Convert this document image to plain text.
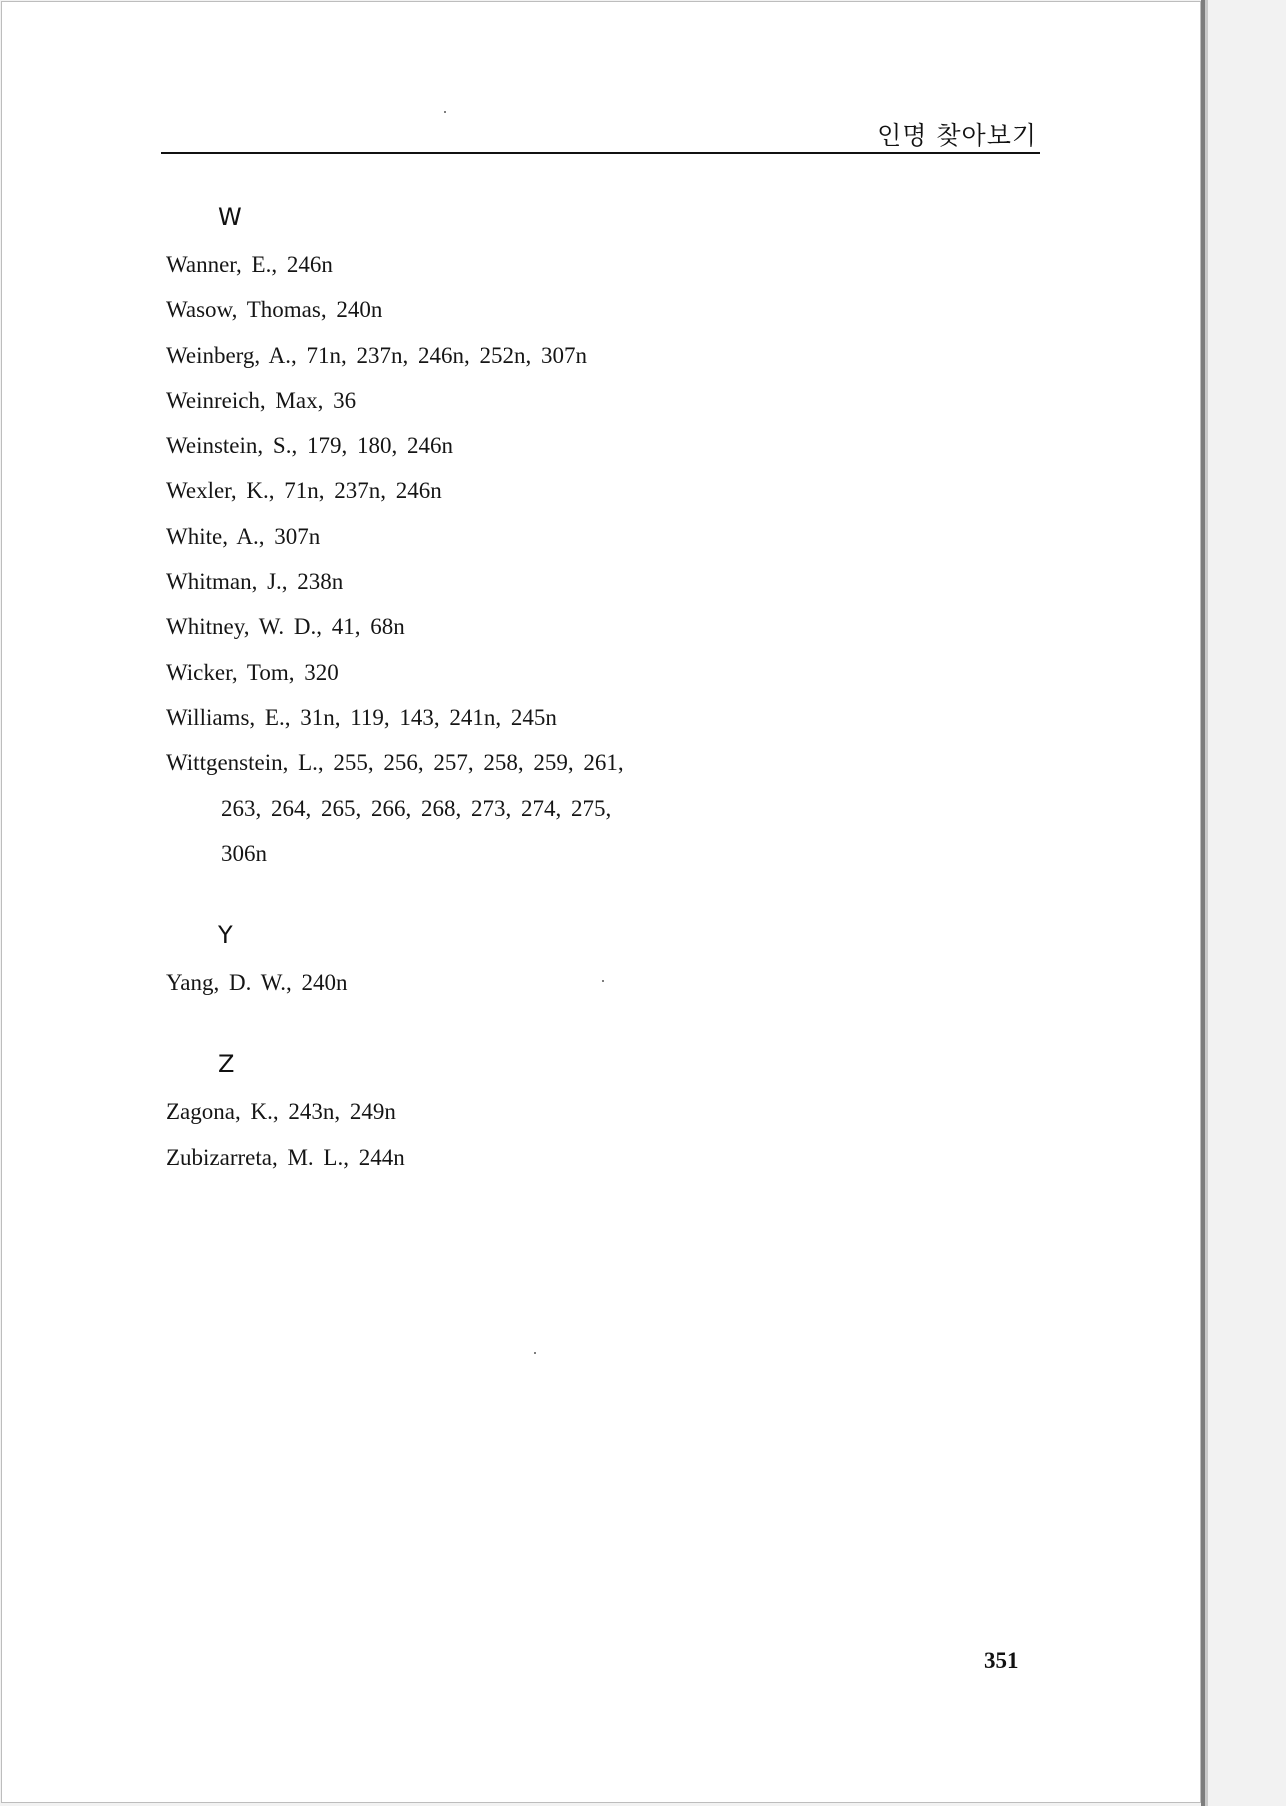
인명 찾아보기
W
Wanner, E., 246n
Wasow, Thomas, 240n
Weinberg, A., 71n, 237n, 246n, 252n, 307n
Weinreich, Max, 36
Weinstein, S., 179, 180, 246n
Wexler, K., 71n, 237n, 246n
White, A., 307n
Whitman, J., 238n
Whitney, W. D., 41, 68n
Wicker, Tom, 320
Williams, E., 31n, 119, 143, 241n, 245n
Wittgenstein, L., 255, 256, 257, 258, 259, 261,
263, 264, 265, 266, 268, 273, 274, 275,
306n
Y
Yang, D. W., 240n
Z
Zagona, K., 243n, 249n
Zubizarreta, M. L., 244n
351
